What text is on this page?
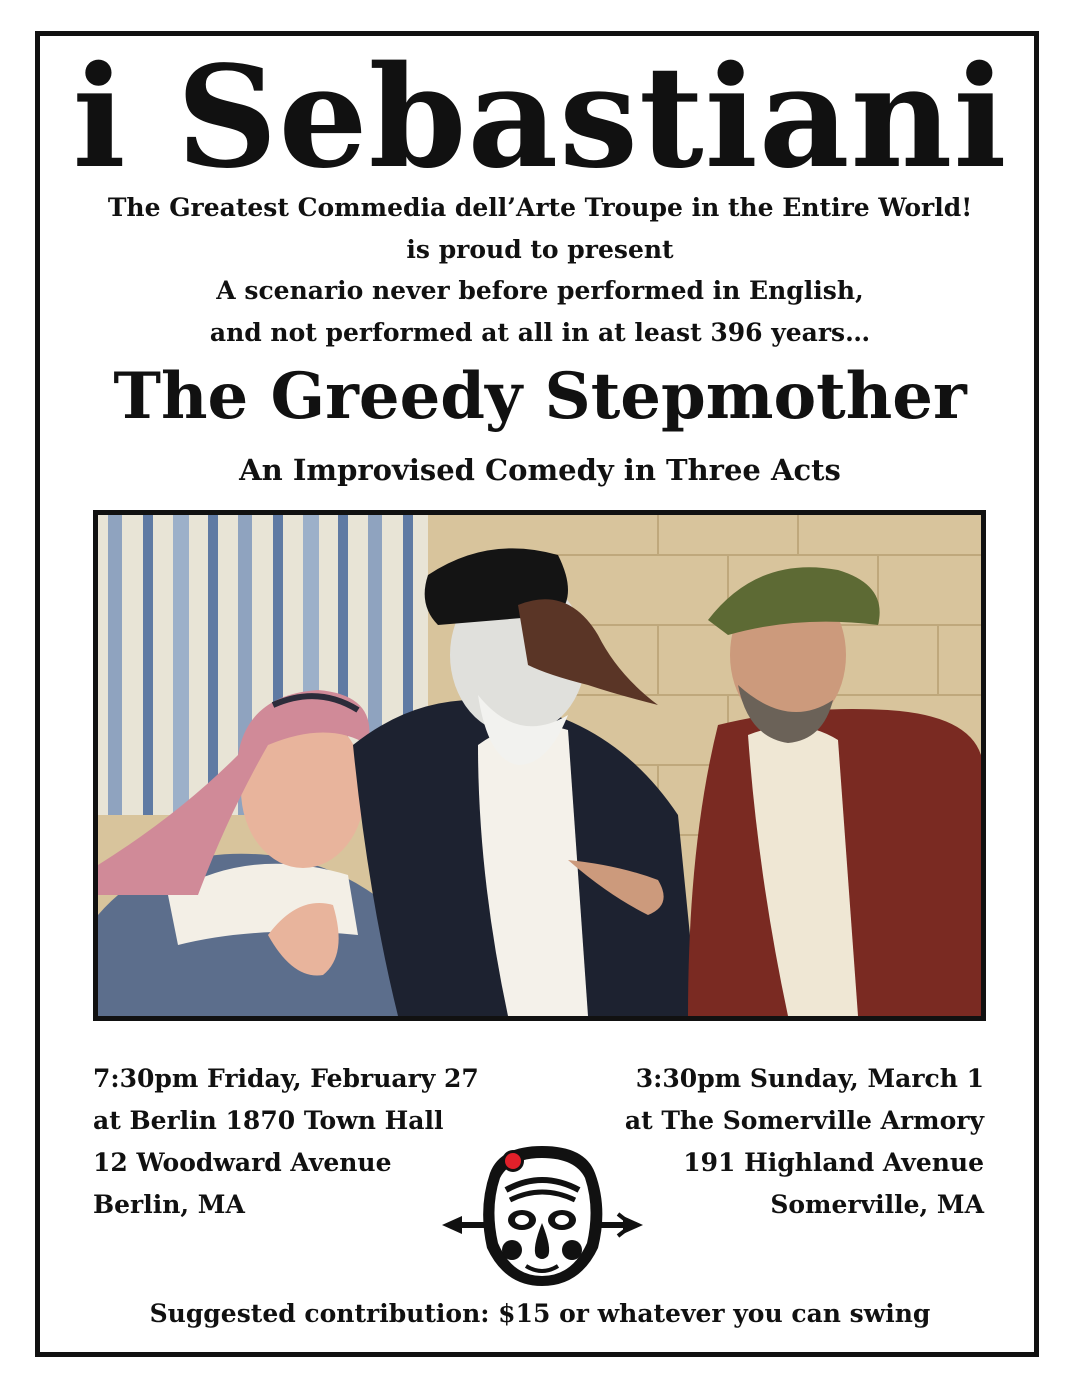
i Sebastiani
The Greatest Commedia dell’Arte Troupe in the Entire World!
is proud to present
A scenario never before performed in English,
and not performed at all in at least 396 years…
The Greedy Stepmother
An Improvised Comedy in Three Acts
7:30pm Friday, February 27
at Berlin 1870 Town Hall
12 Woodward Avenue
Berlin, MA
3:30pm Sunday, March 1
at The Somerville Armory
191 Highland Avenue
Somerville, MA
Suggested contribution: $15 or whatever you can swing
